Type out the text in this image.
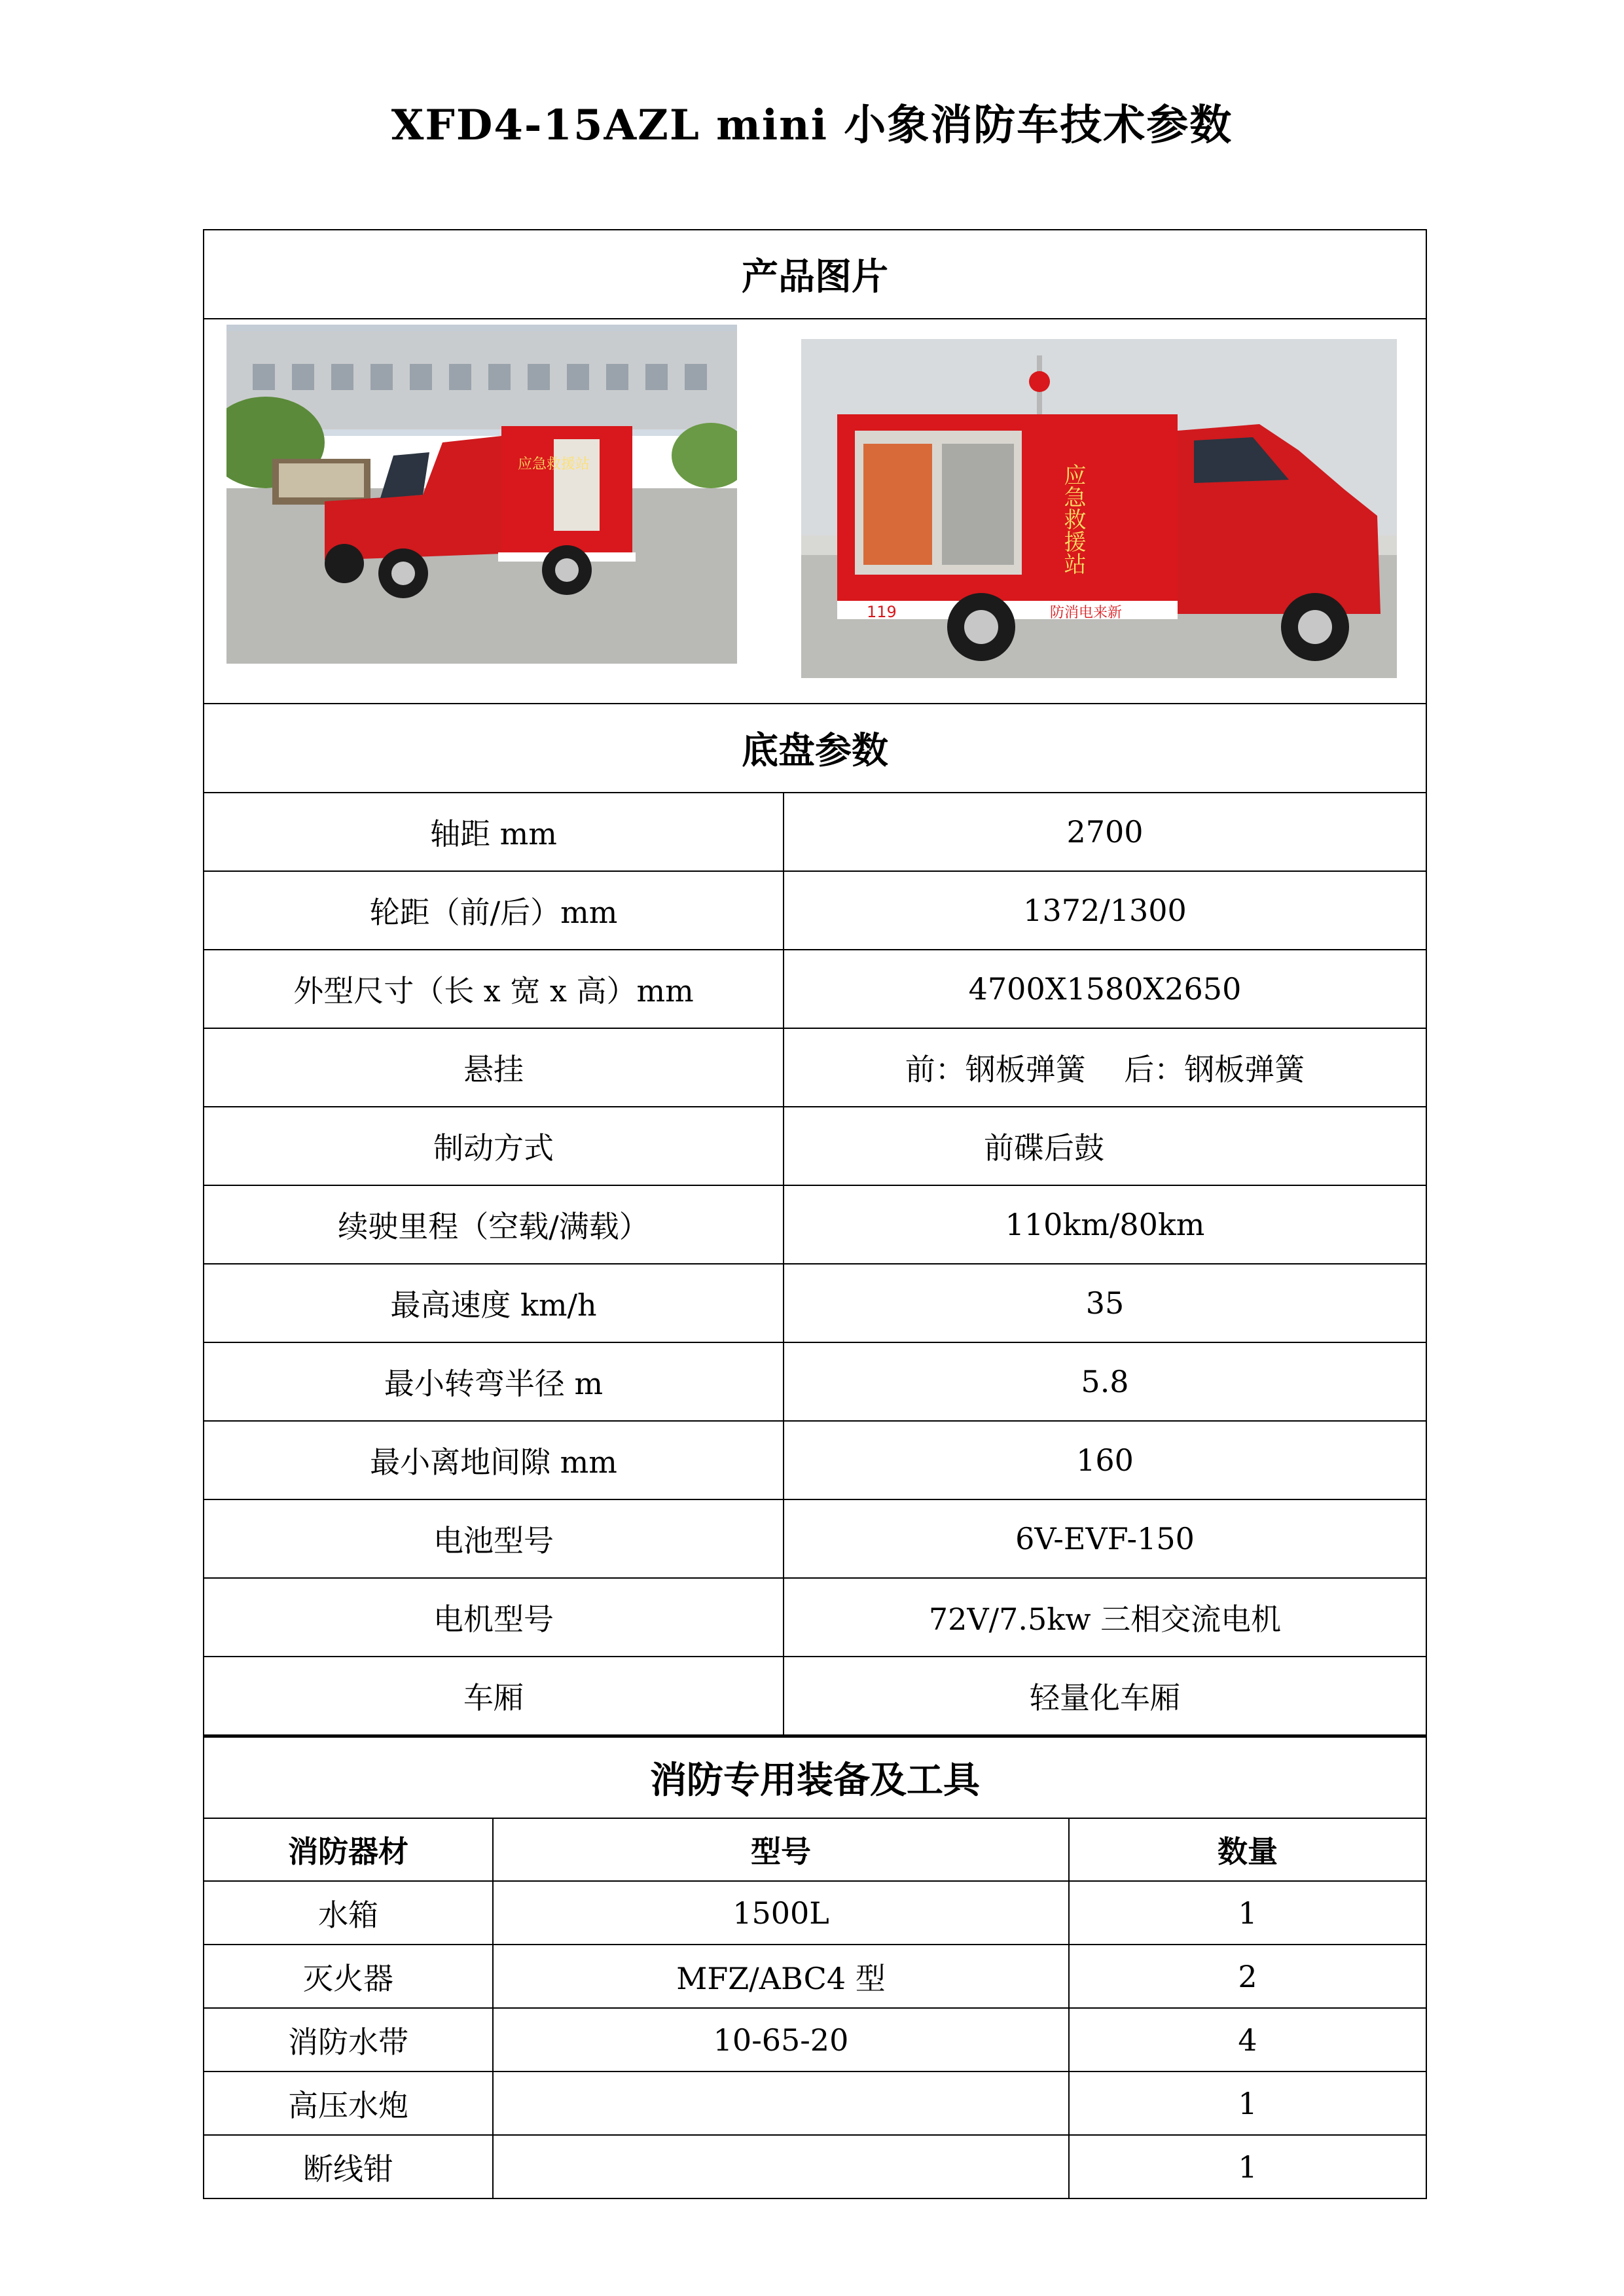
XFD4-15AZL mini 小象消防车技术参数
产品图片	

应急救援站 应急救援站
119 防消电来新	

底盘参数	
轴距 mm	2700
轮距（前/后）mm	1372/1300
外型尺寸（长 x 宽 x 高）mm	4700X1580X2650
悬挂	前：钢板弹簧    后：钢板弹簧
制动方式	前碟后鼓
续驶里程（空载/满载）	110km/80km
最高速度 km/h	35
最小转弯半径 m	5.8
最小离地间隙 mm	160
电池型号	6V-EVF-150
电机型号	72V/7.5kw 三相交流电机
车厢	轻量化车厢
消防专用装备及工具		
消防器材	型号	数量
水箱	1500L	1
灭火器	MFZ/ABC4 型	2
消防水带	10-65-20	4
高压水炮		1
断线钳		1
